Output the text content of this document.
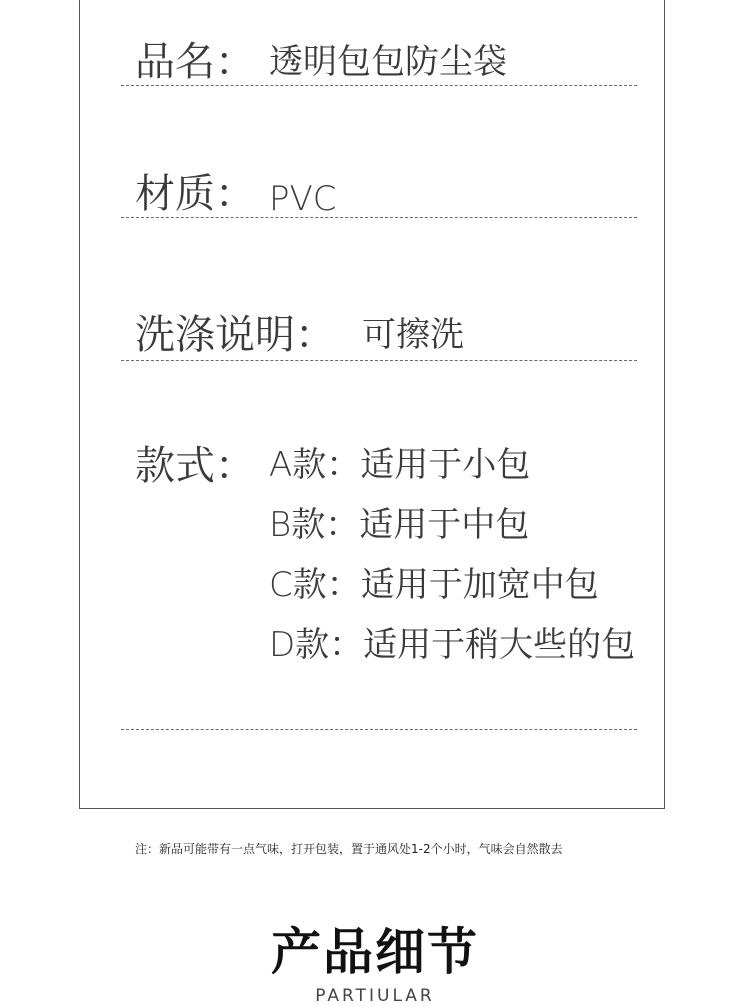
品名： 透明包包防尘袋
材质： PVC
洗涤说明： 可擦洗
款式： A款：适用于小包
B款：适用于中包
C款：适用于加宽中包
D款：适用于稍大些的包
注：新品可能带有一点气味，打开包装，置于通风处1-2个小时，气味会自然散去
产品细节
PARTIULAR
